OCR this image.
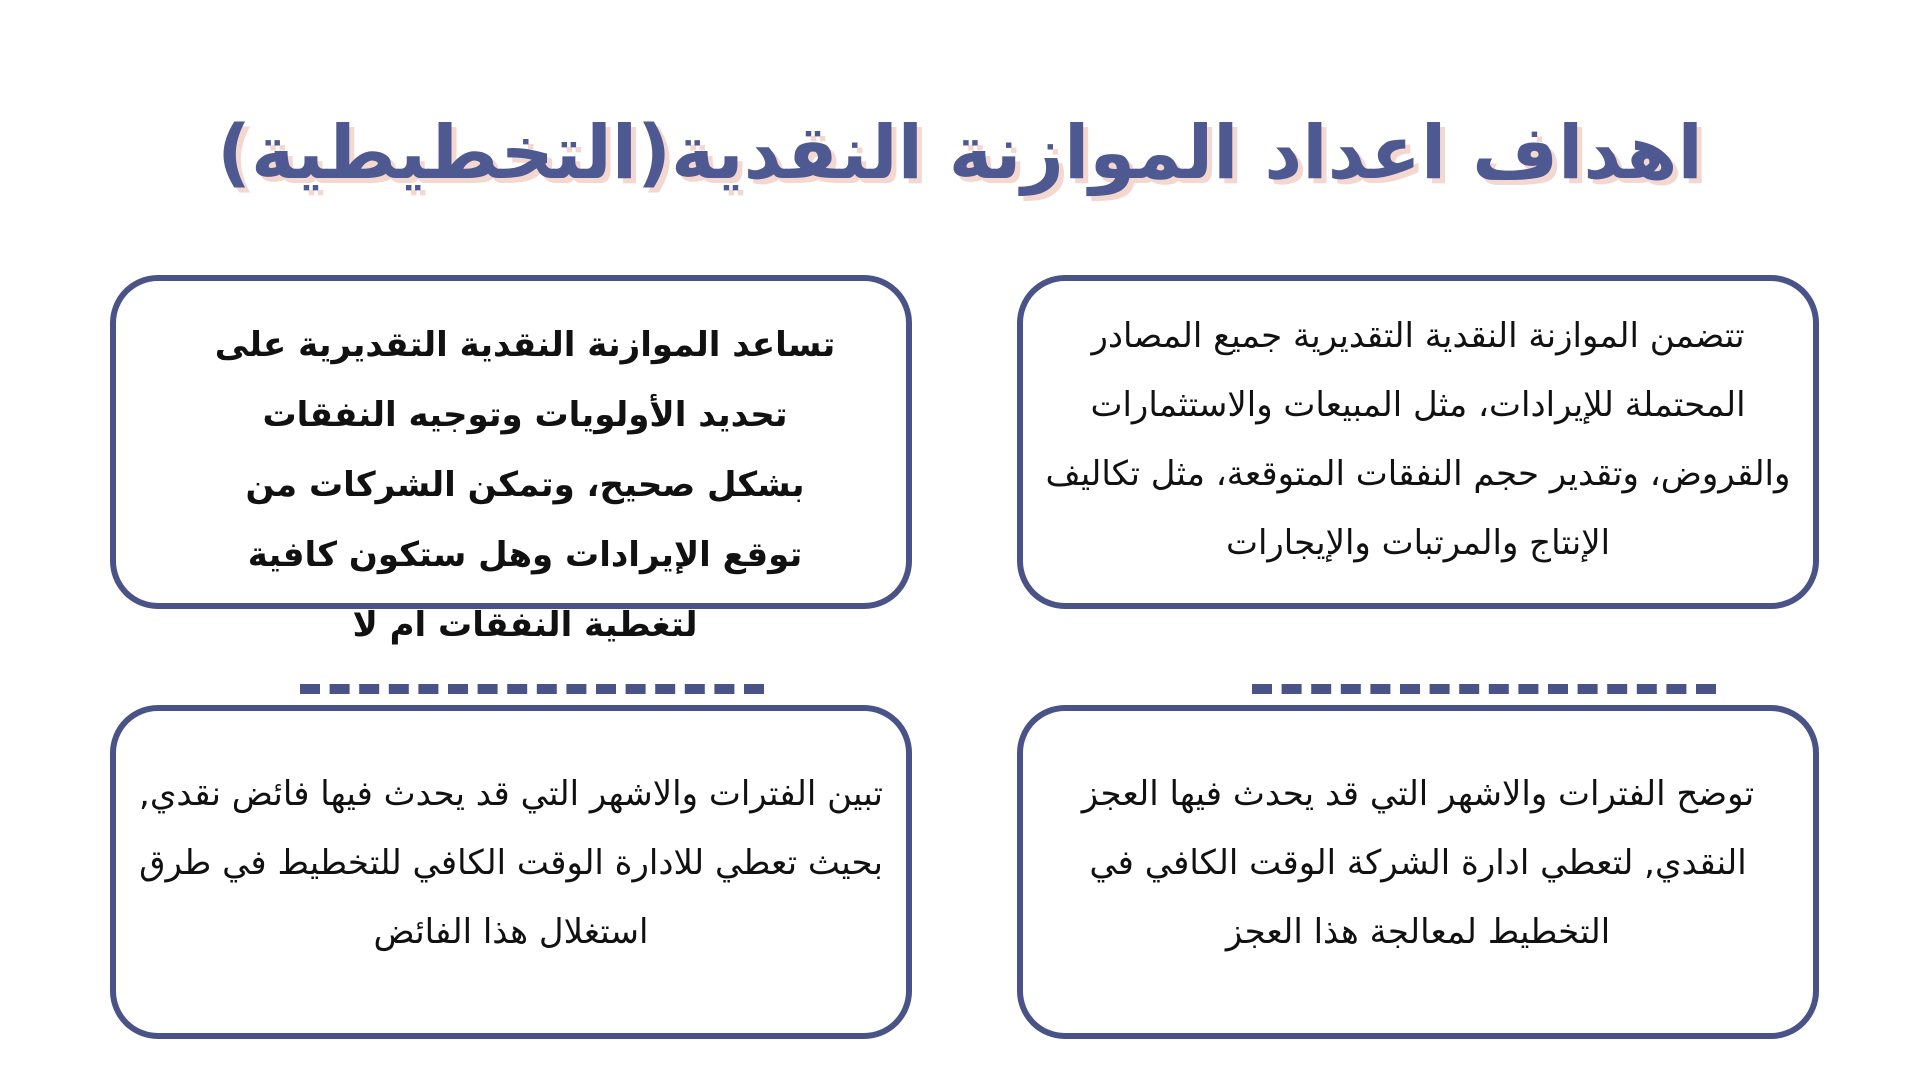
اهداف اعداد الموازنة النقدية(التخطيطية)
تساعد الموازنة النقدية التقديرية على تحديد الأولويات وتوجيه النفقات بشكل صحيح، وتمكن الشركات من توقع الإيرادات وهل ستكون كافية لتغطية النفقات ام لا
تتضمن الموازنة النقدية التقديرية جميع المصادر المحتملة للإيرادات، مثل المبيعات والاستثمارات والقروض، وتقدير حجم النفقات المتوقعة، مثل تكاليف الإنتاج والمرتبات والإيجارات
تبين الفترات والاشهر التي قد يحدث فيها فائض نقدي, بحيث تعطي للادارة الوقت الكافي للتخطيط في طرق استغلال هذا الفائض
توضح الفترات والاشهر التي قد يحدث فيها العجز النقدي, لتعطي ادارة الشركة الوقت الكافي في التخطيط لمعالجة هذا العجز
